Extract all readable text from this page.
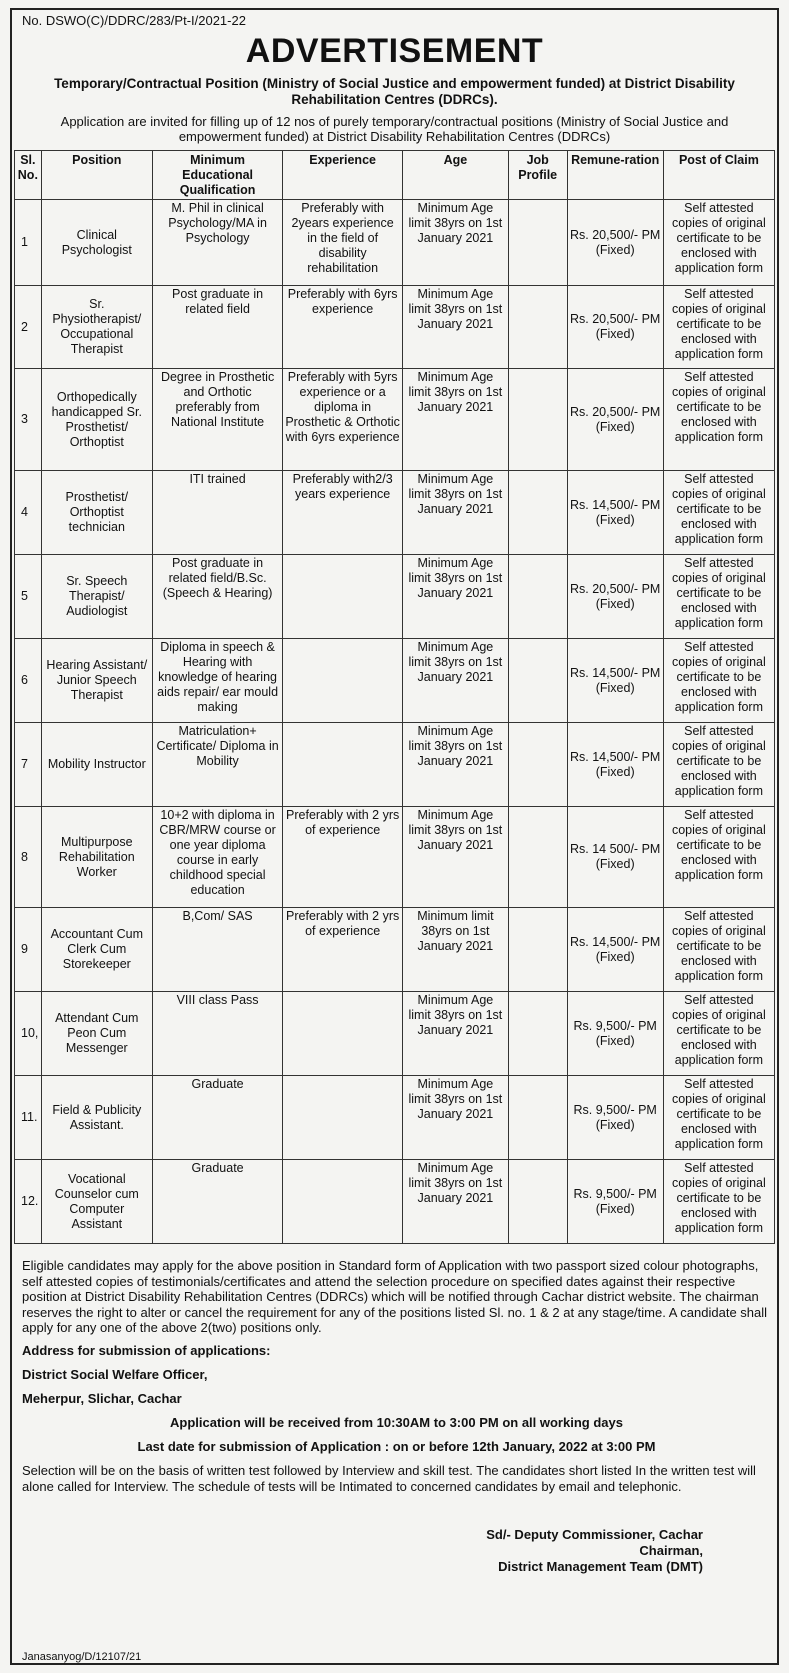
No. DSWO(C)/DDRC/283/Pt-I/2021-22
ADVERTISEMENT
Temporary/Contractual Position (Ministry of Social Justice and empowerment funded) at District Disability Rehabilitation Centres (DDRCs).
Application are invited for filling up of 12 nos of purely temporary/contractual positions (Ministry of Social Justice and empowerment funded) at District Disability Rehabilitation Centres (DDRCs)
Sl. No.	Position	Minimum Educational Qualification	Experience	Age	Job Profile	Remune-ration	Post of Claim
1	Clinical Psychologist	M. Phil in clinical Psychology/MA in Psychology	Preferably with 2years experience in the field of disability rehabilitation	Minimum Age limit 38yrs on 1st January 2021		Rs. 20,500/- PM (Fixed)	Self attested copies of original certificate to be enclosed with application form
2	Sr. Physiotherapist/ Occupational Therapist	Post graduate in related field	Preferably with 6yrs experience	Minimum Age limit 38yrs on 1st January 2021		Rs. 20,500/- PM (Fixed)	Self attested copies of original certificate to be enclosed with application form
3	Orthopedically handicapped Sr. Prosthetist/ Orthoptist	Degree in Prosthetic and Orthotic preferably from National Institute	Preferably with 5yrs experience or a diploma in Prosthetic & Orthotic with 6yrs experience	Minimum Age limit 38yrs on 1st January 2021		Rs. 20,500/- PM (Fixed)	Self attested copies of original certificate to be enclosed with application form
4	Prosthetist/ Orthoptist technician	ITI trained	Preferably with2/3 years experience	Minimum Age limit 38yrs on 1st January 2021		Rs. 14,500/- PM (Fixed)	Self attested copies of original certificate to be enclosed with application form
5	Sr. Speech Therapist/ Audiologist	Post graduate in related field/B.Sc. (Speech & Hearing)		Minimum Age limit 38yrs on 1st January 2021		Rs. 20,500/- PM (Fixed)	Self attested copies of original certificate to be enclosed with application form
6	Hearing Assistant/ Junior Speech Therapist	Diploma in speech & Hearing with knowledge of hearing aids repair/ ear mould making		Minimum Age limit 38yrs on 1st January 2021		Rs. 14,500/- PM (Fixed)	Self attested copies of original certificate to be enclosed with application form
7	Mobility Instructor	Matriculation+ Certificate/ Diploma in Mobility		Minimum Age limit 38yrs on 1st January 2021		Rs. 14,500/- PM (Fixed)	Self attested copies of original certificate to be enclosed with application form
8	Multipurpose Rehabilitation Worker	10+2 with diploma in CBR/MRW course or one year diploma course in early childhood special education	Preferably with 2 yrs of experience	Minimum Age limit 38yrs on 1st January 2021		Rs. 14 500/- PM (Fixed)	Self attested copies of original certificate to be enclosed with application form
9	Accountant Cum Clerk Cum Storekeeper	B,Com/ SAS	Preferably with 2 yrs of experience	Minimum limit 38yrs on 1st January 2021		Rs. 14,500/- PM (Fixed)	Self attested copies of original certificate to be enclosed with application form
10,	Attendant Cum Peon Cum Messenger	VIII class Pass		Minimum Age limit 38yrs on 1st January 2021		Rs. 9,500/- PM (Fixed)	Self attested copies of original certificate to be enclosed with application form
11.	Field & Publicity Assistant.	Graduate		Minimum Age limit 38yrs on 1st January 2021		Rs. 9,500/- PM (Fixed)	Self attested copies of original certificate to be enclosed with application form
12.	Vocational Counselor cum Computer Assistant	Graduate		Minimum Age limit 38yrs on 1st January 2021		Rs. 9,500/- PM (Fixed)	Self attested copies of original certificate to be enclosed with application form
Eligible candidates may apply for the above position in Standard form of Application with two passport sized colour photographs, self attested copies of testimonials/certificates and attend the selection procedure on specified dates against their respective position at District Disability Rehabilitation Centres (DDRCs) which will be notified through Cachar district website. The chairman reserves the right to alter or cancel the requirement for any of the positions listed Sl. no. 1 & 2 at any stage/time. A candidate shall apply for any one of the above 2(two) positions only.
Address for submission of applications:
District Social Welfare Officer,
Meherpur, Slichar, Cachar
Application will be received from 10:30AM to 3:00 PM on all working days
Last date for submission of Application : on or before 12th January, 2022 at 3:00 PM
Selection will be on the basis of written test followed by Interview and skill test. The candidates short listed In the written test will alone called for Interview. The schedule of tests will be Intimated to concerned candidates by email and telephonic.
Sd/- Deputy Commissioner, Cachar
Chairman,
District Management Team (DMT)
Janasanyog/D/12107/21
